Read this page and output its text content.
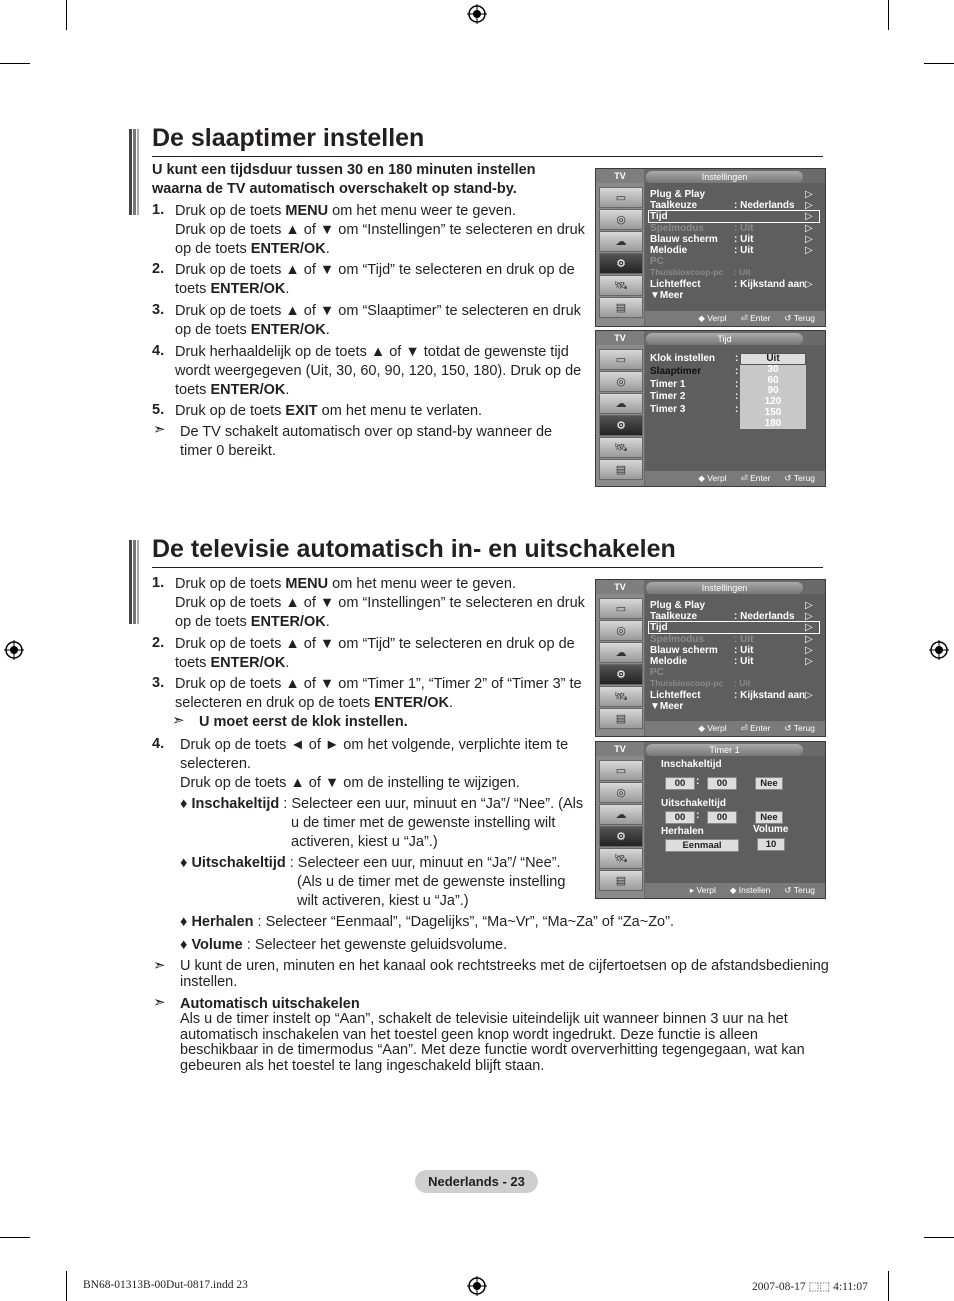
De slaaptimer instellen
U kunt een tijdsduur tussen 30 en 180 minuten instellen
waarna de TV automatisch overschakelt op stand-by.
De televisie automatisch in- en uitschakelen
TV	Instellingen
▭
◎
☁
⚙
🛰
▤
Plug & Play	▷
Taalkeuze	: Nederlands ▷
Tijd	▷
Spelmodus	: Uit	▷
Blauw scherm : Uit	▷
Melodie	: Uit	▷
PC
Thuisbioscoop-pc : Uit
Lichteffect	: Kijkstand aan ▷
▼Meer
◆ Verpl ⏎ Enter ↺ Terug
TV	Tijd
▭
◎
☁
⚙
🛰
▤
Klok instellen :
Slaaptimer	:
Timer 1	:
Timer 2	:
Timer 3	:
Uit
30
60
90
120
150
180
◆ Verpl ⏎ Enter ↺ Terug
TV	Instellingen
▭
◎
☁
⚙
🛰
▤
Plug & Play	▷
Taalkeuze	: Nederlands ▷
Tijd	▷
Spelmodus	: Uit	▷
Blauw scherm : Uit	▷
Melodie	: Uit	▷
PC
Thuisbioscoop-pc : Uit
Lichteffect	: Kijkstand aan ▷
▼Meer
◆ Verpl ⏎ Enter ↺ Terug
TV	Timer 1
▭
◎
☁
⚙
🛰
▤
Inschakeltijd
00	:	00	Nee
Uitschakeltijd
00	:	00	Nee
Herhalen	Volume
Eenmaal	10
▸ Verpl ◆ Instellen ↺ Terug
Nederlands - 23
BN68-01313B-00Dut-0817.indd 23	2007-08-17 ⬚⬚ 4:11:07
1. Druk op de toets MENU om het menu weer te geven.
Druk op de toets ▲ of ▼ om “Instellingen” te selecteren en druk
op de toets ENTER/OK.
2. Druk op de toets ▲ of ▼ om “Tijd” te selecteren en druk op de
toets ENTER/OK.
3. Druk op de toets ▲ of ▼ om “Slaaptimer” te selecteren en druk
op de toets ENTER/OK.
4. Druk herhaaldelijk op de toets ▲ of ▼ totdat de gewenste tijd
wordt weergegeven (Uit, 30, 60, 90, 120, 150, 180). Druk op de
toets ENTER/OK.
5. Druk op de toets EXIT om het menu te verlaten.
De TV schakelt automatisch over op stand-by wanneer de
timer 0 bereikt.
➣
1. Druk op de toets MENU om het menu weer te geven.
Druk op de toets ▲ of ▼ om “Instellingen” te selecteren en druk
op de toets ENTER/OK.
2. Druk op de toets ▲ of ▼ om “Tijd” te selecteren en druk op de
toets ENTER/OK.
3. Druk op de toets ▲ of ▼ om “Timer 1”, “Timer 2” of “Timer 3” te
selecteren en druk op de toets ENTER/OK.
➣ U moet eerst de klok instellen.
4. Druk op de toets ◄ of ► om het volgende, verplichte item te
selecteren.
Druk op de toets ▲ of ▼ om de instelling te wijzigen.
♦ Inschakeltijd : Selecteer een uur, minuut en “Ja”/ “Nee”. (Als
u de timer met de gewenste instelling wilt
activeren, kiest u “Ja”.)
♦ Uitschakeltijd : Selecteer een uur, minuut en “Ja”/ “Nee”.
(Als u de timer met de gewenste instelling
wilt activeren, kiest u “Ja”.)
♦ Herhalen : Selecteer “Eenmaal”, “Dagelijks”, “Ma~Vr”, “Ma~Za” of “Za~Zo”.
♦ Volume : Selecteer het gewenste geluidsvolume.
➣ U kunt de uren, minuten en het kanaal ook rechtstreeks met de cijfertoetsen op de afstandsbediening
instellen.
➣ Automatisch uitschakelen
Als u de timer instelt op “Aan”, schakelt de televisie uiteindelijk uit wanneer binnen 3 uur na het
automatisch inschakelen van het toestel geen knop wordt ingedrukt. Deze functie is alleen
beschikbaar in de timermodus “Aan”. Met deze functie wordt oververhitting tegengegaan, wat kan
gebeuren als het toestel te lang ingeschakeld blijft staan.
